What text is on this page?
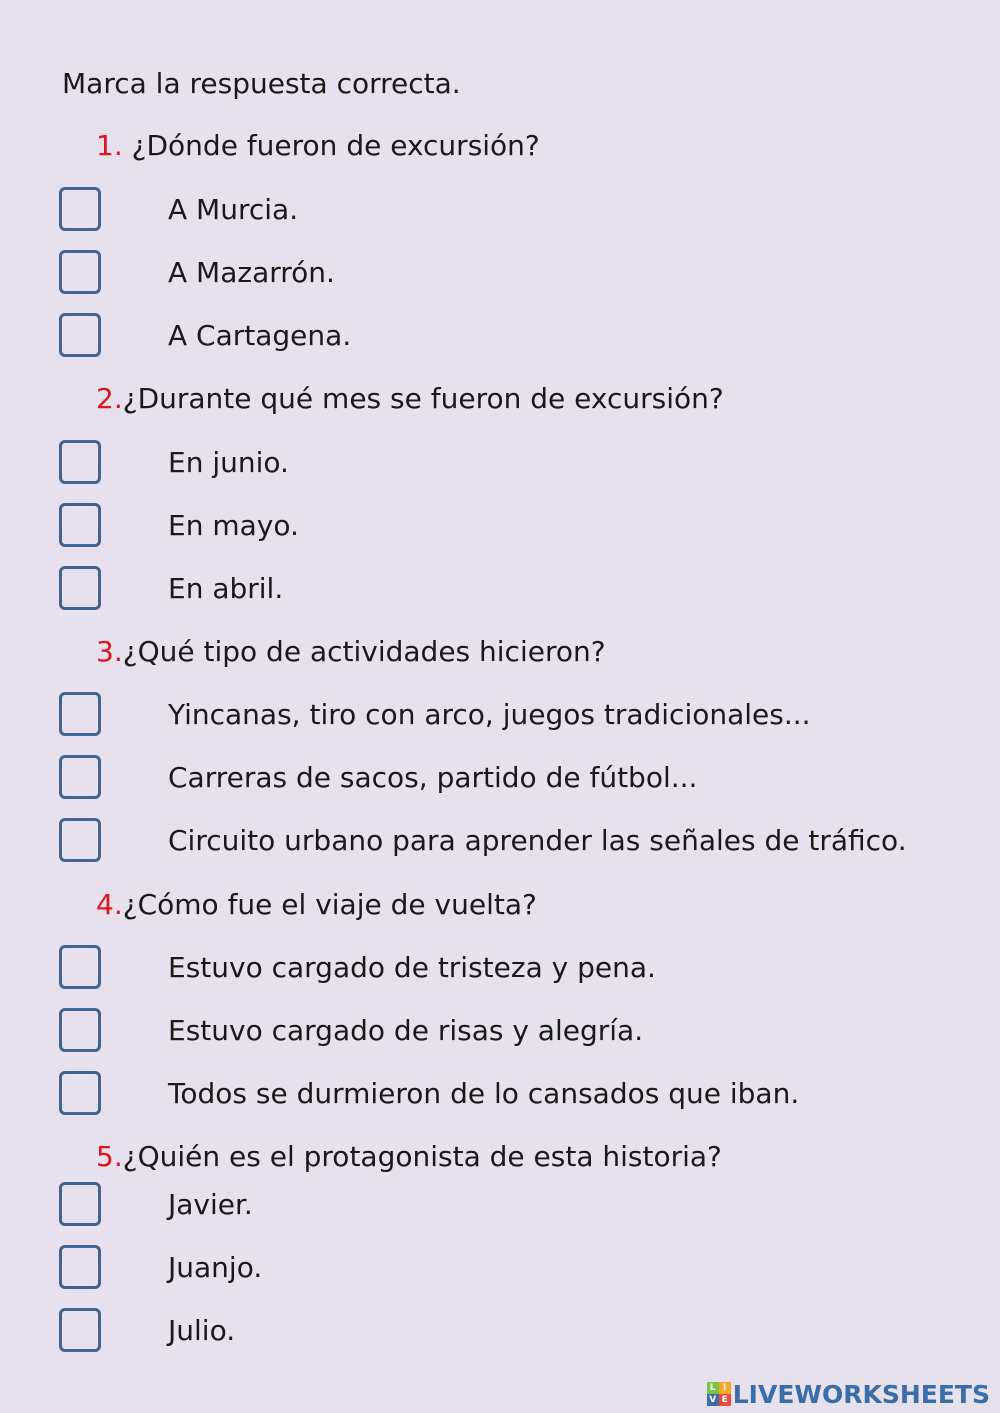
Marca la respuesta correcta.
1. ¿Dónde fueron de excursión?
A Murcia.
A Mazarrón.
A Cartagena.
2.¿Durante qué mes se fueron de excursión?
En junio.
En mayo.
En abril.
3.¿Qué tipo de actividades hicieron?
Yincanas, tiro con arco, juegos tradicionales...
Carreras de sacos, partido de fútbol...
Circuito urbano para aprender las señales de tráfico.
4.¿Cómo fue el viaje de vuelta?
Estuvo cargado de tristeza y pena.
Estuvo cargado de risas y alegría.
Todos se durmieron de lo cansados que iban.
5.¿Quién es el protagonista de esta historia?
Javier.
Juanjo.
Julio.
L I
V E LIVEWORKSHEETS
